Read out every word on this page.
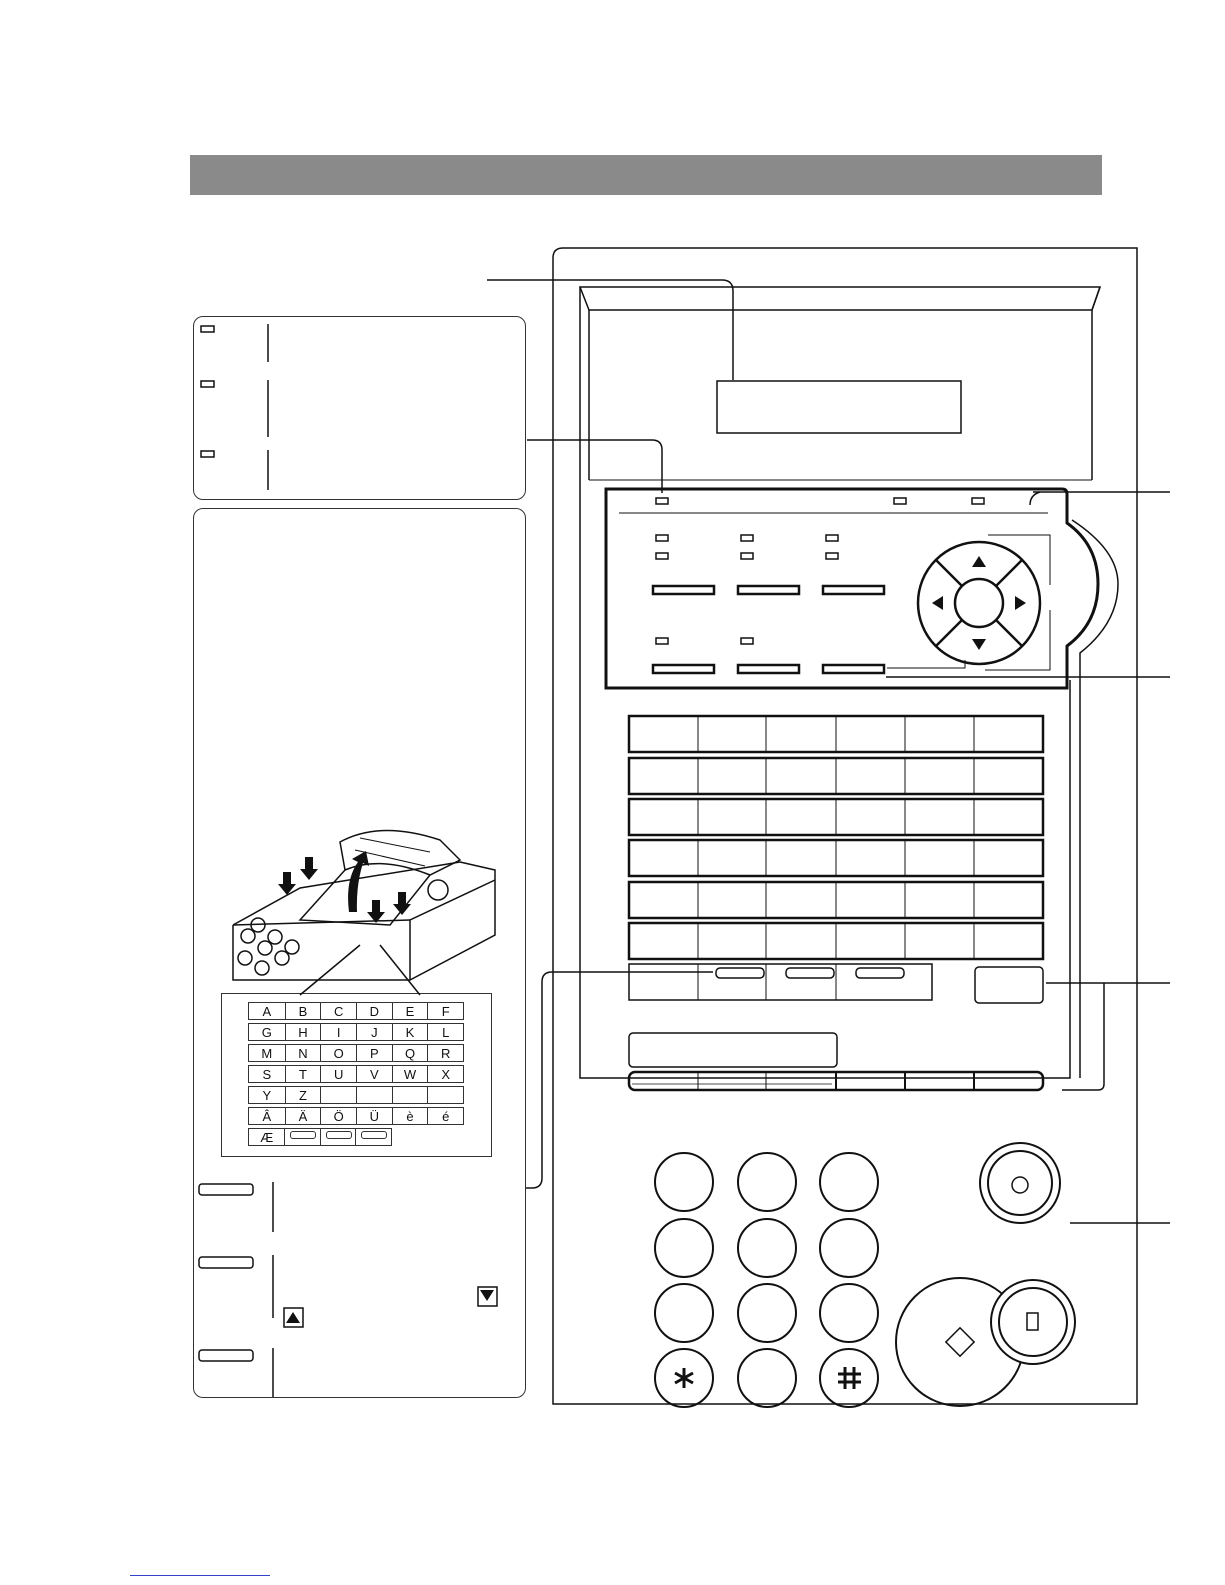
A B C D E F
G H I J K L
M N O P Q R
S T U V W X
Y Z
Â Ä Ö Ü è é
Æ
